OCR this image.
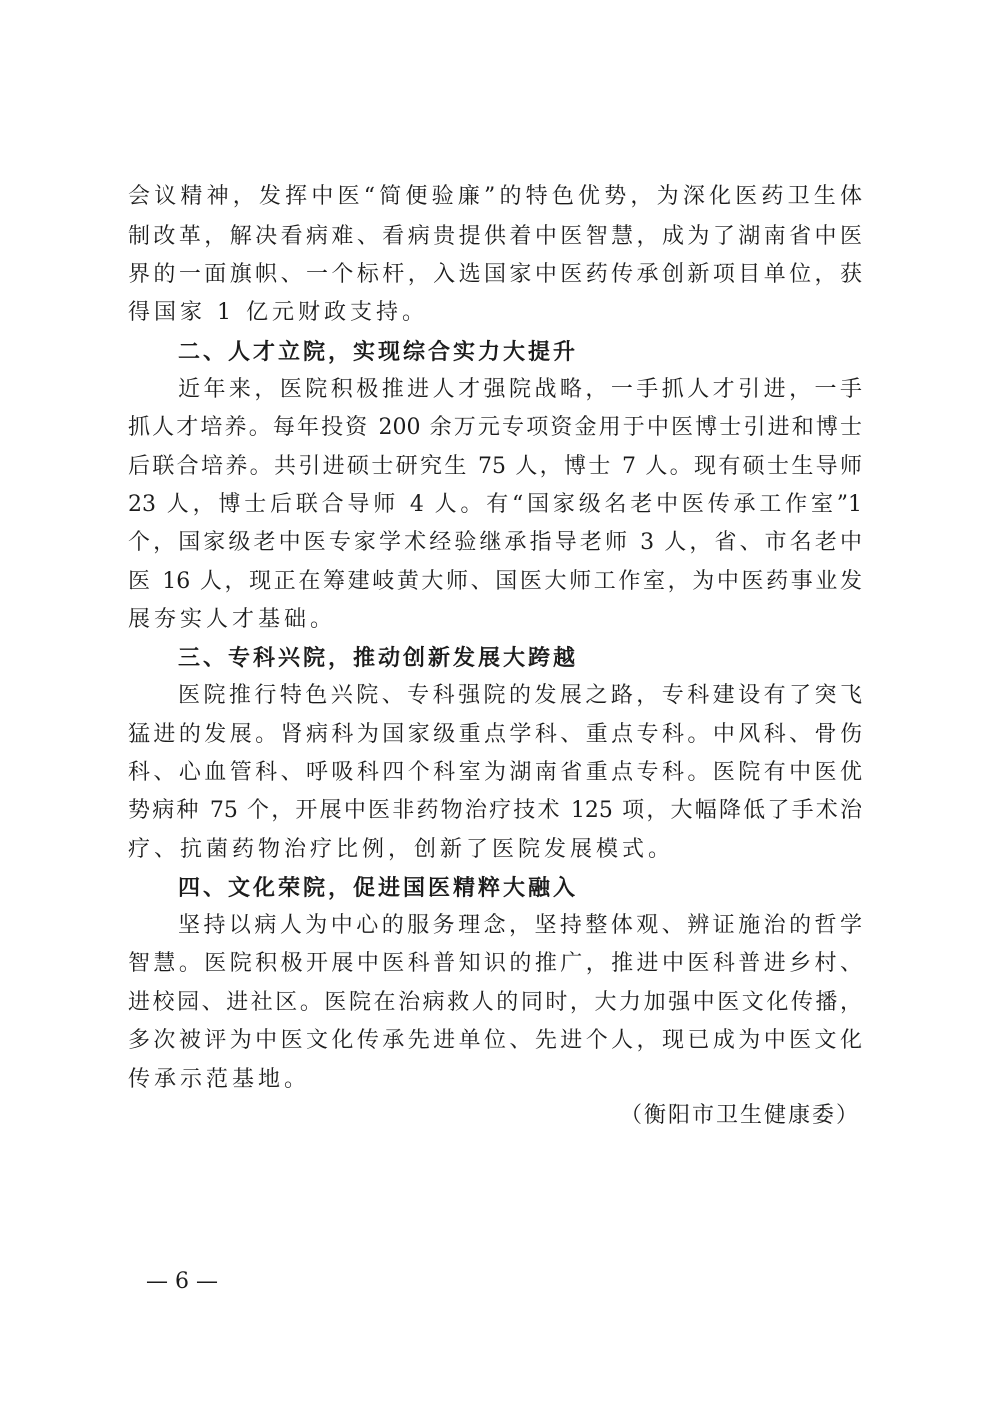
会议精神，发挥中医“简便验廉”的特色优势，为深化医药卫生体
制改革，解决看病难、看病贵提供着中医智慧，成为了湖南省中医
界的一面旗帜、一个标杆，入选国家中医药传承创新项目单位，获
得国家 1 亿元财政支持。
二、人才立院，实现综合实力大提升
近年来，医院积极推进人才强院战略，一手抓人才引进，一手
抓人才培养。每年投资 200 余万元专项资金用于中医博士引进和博士
后联合培养。共引进硕士研究生 75 人，博士 7 人。现有硕士生导师
23 人，博士后联合导师 4 人。有“国家级名老中医传承工作室”1
个，国家级老中医专家学术经验继承指导老师 3 人，省、市名老中
医 16 人，现正在筹建岐黄大师、国医大师工作室，为中医药事业发
展夯实人才基础。
三、专科兴院，推动创新发展大跨越
医院推行特色兴院、专科强院的发展之路，专科建设有了突飞
猛进的发展。肾病科为国家级重点学科、重点专科。中风科、骨伤
科、心血管科、呼吸科四个科室为湖南省重点专科。医院有中医优
势病种 75 个，开展中医非药物治疗技术 125 项，大幅降低了手术治
疗、抗菌药物治疗比例，创新了医院发展模式。
四、文化荣院，促进国医精粹大融入
坚持以病人为中心的服务理念，坚持整体观、辨证施治的哲学
智慧。医院积极开展中医科普知识的推广，推进中医科普进乡村、
进校园、进社区。医院在治病救人的同时，大力加强中医文化传播，
多次被评为中医文化传承先进单位、先进个人，现已成为中医文化
传承示范基地。
（衡阳市卫生健康委）
— 6 —
